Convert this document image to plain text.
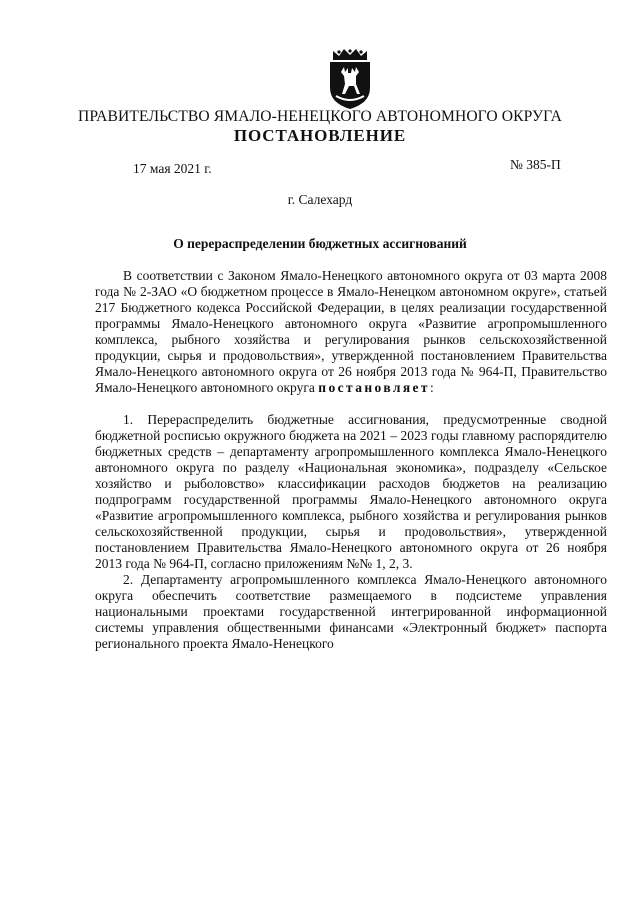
ПРАВИТЕЛЬСТВО ЯМАЛО-НЕНЕЦКОГО АВТОНОМНОГО ОКРУГА
ПОСТАНОВЛЕНИЕ
17 мая 2021 г.	№ 385-П
г. Салехард
О перераспределении бюджетных ассигнований

В соответствии с Законом Ямало-Ненецкого автономного округа от 03 марта 2008 года № 2-ЗАО «О бюджетном процессе в Ямало-Ненецком автономном округе», статьей 217 Бюджетного кодекса Российской Федерации, в целях реализации государственной программы Ямало-Ненецкого автономного округа «Развитие агропромышленного комплекса, рыбного хозяйства и регулирования рынков сельскохозяйственной продукции, сырья и продовольствия», утвержденной постановлением Правительства Ямало-Ненецкого автономного округа от 26 ноября 2013 года № 964-П, Правительство Ямало-Ненецкого автономного округа постановляет:

1. Перераспределить бюджетные ассигнования, предусмотренные сводной бюджетной росписью окружного бюджета на 2021 – 2023 годы главному распорядителю бюджетных средств – департаменту агропромышленного комплекса Ямало-Ненецкого автономного округа по разделу «Национальная экономика», подразделу «Сельское хозяйство и рыболовство» классификации расходов бюджетов на реализацию подпрограмм государственной программы Ямало-Ненецкого автономного округа «Развитие агропромышленного комплекса, рыбного хозяйства и регулирования рынков сельскохозяйственной продукции, сырья и продовольствия», утвержденной постановлением Правительства Ямало-Ненецкого автономного округа от 26 ноября 2013 года № 964-П, согласно приложениям №№ 1, 2, 3.

2. Департаменту агропромышленного комплекса Ямало-Ненецкого автономного округа обеспечить соответствие размещаемого в подсистеме управления национальными проектами государственной интегрированной информационной системы управления общественными финансами «Электронный бюджет» паспорта регионального проекта Ямало-Ненецкого
